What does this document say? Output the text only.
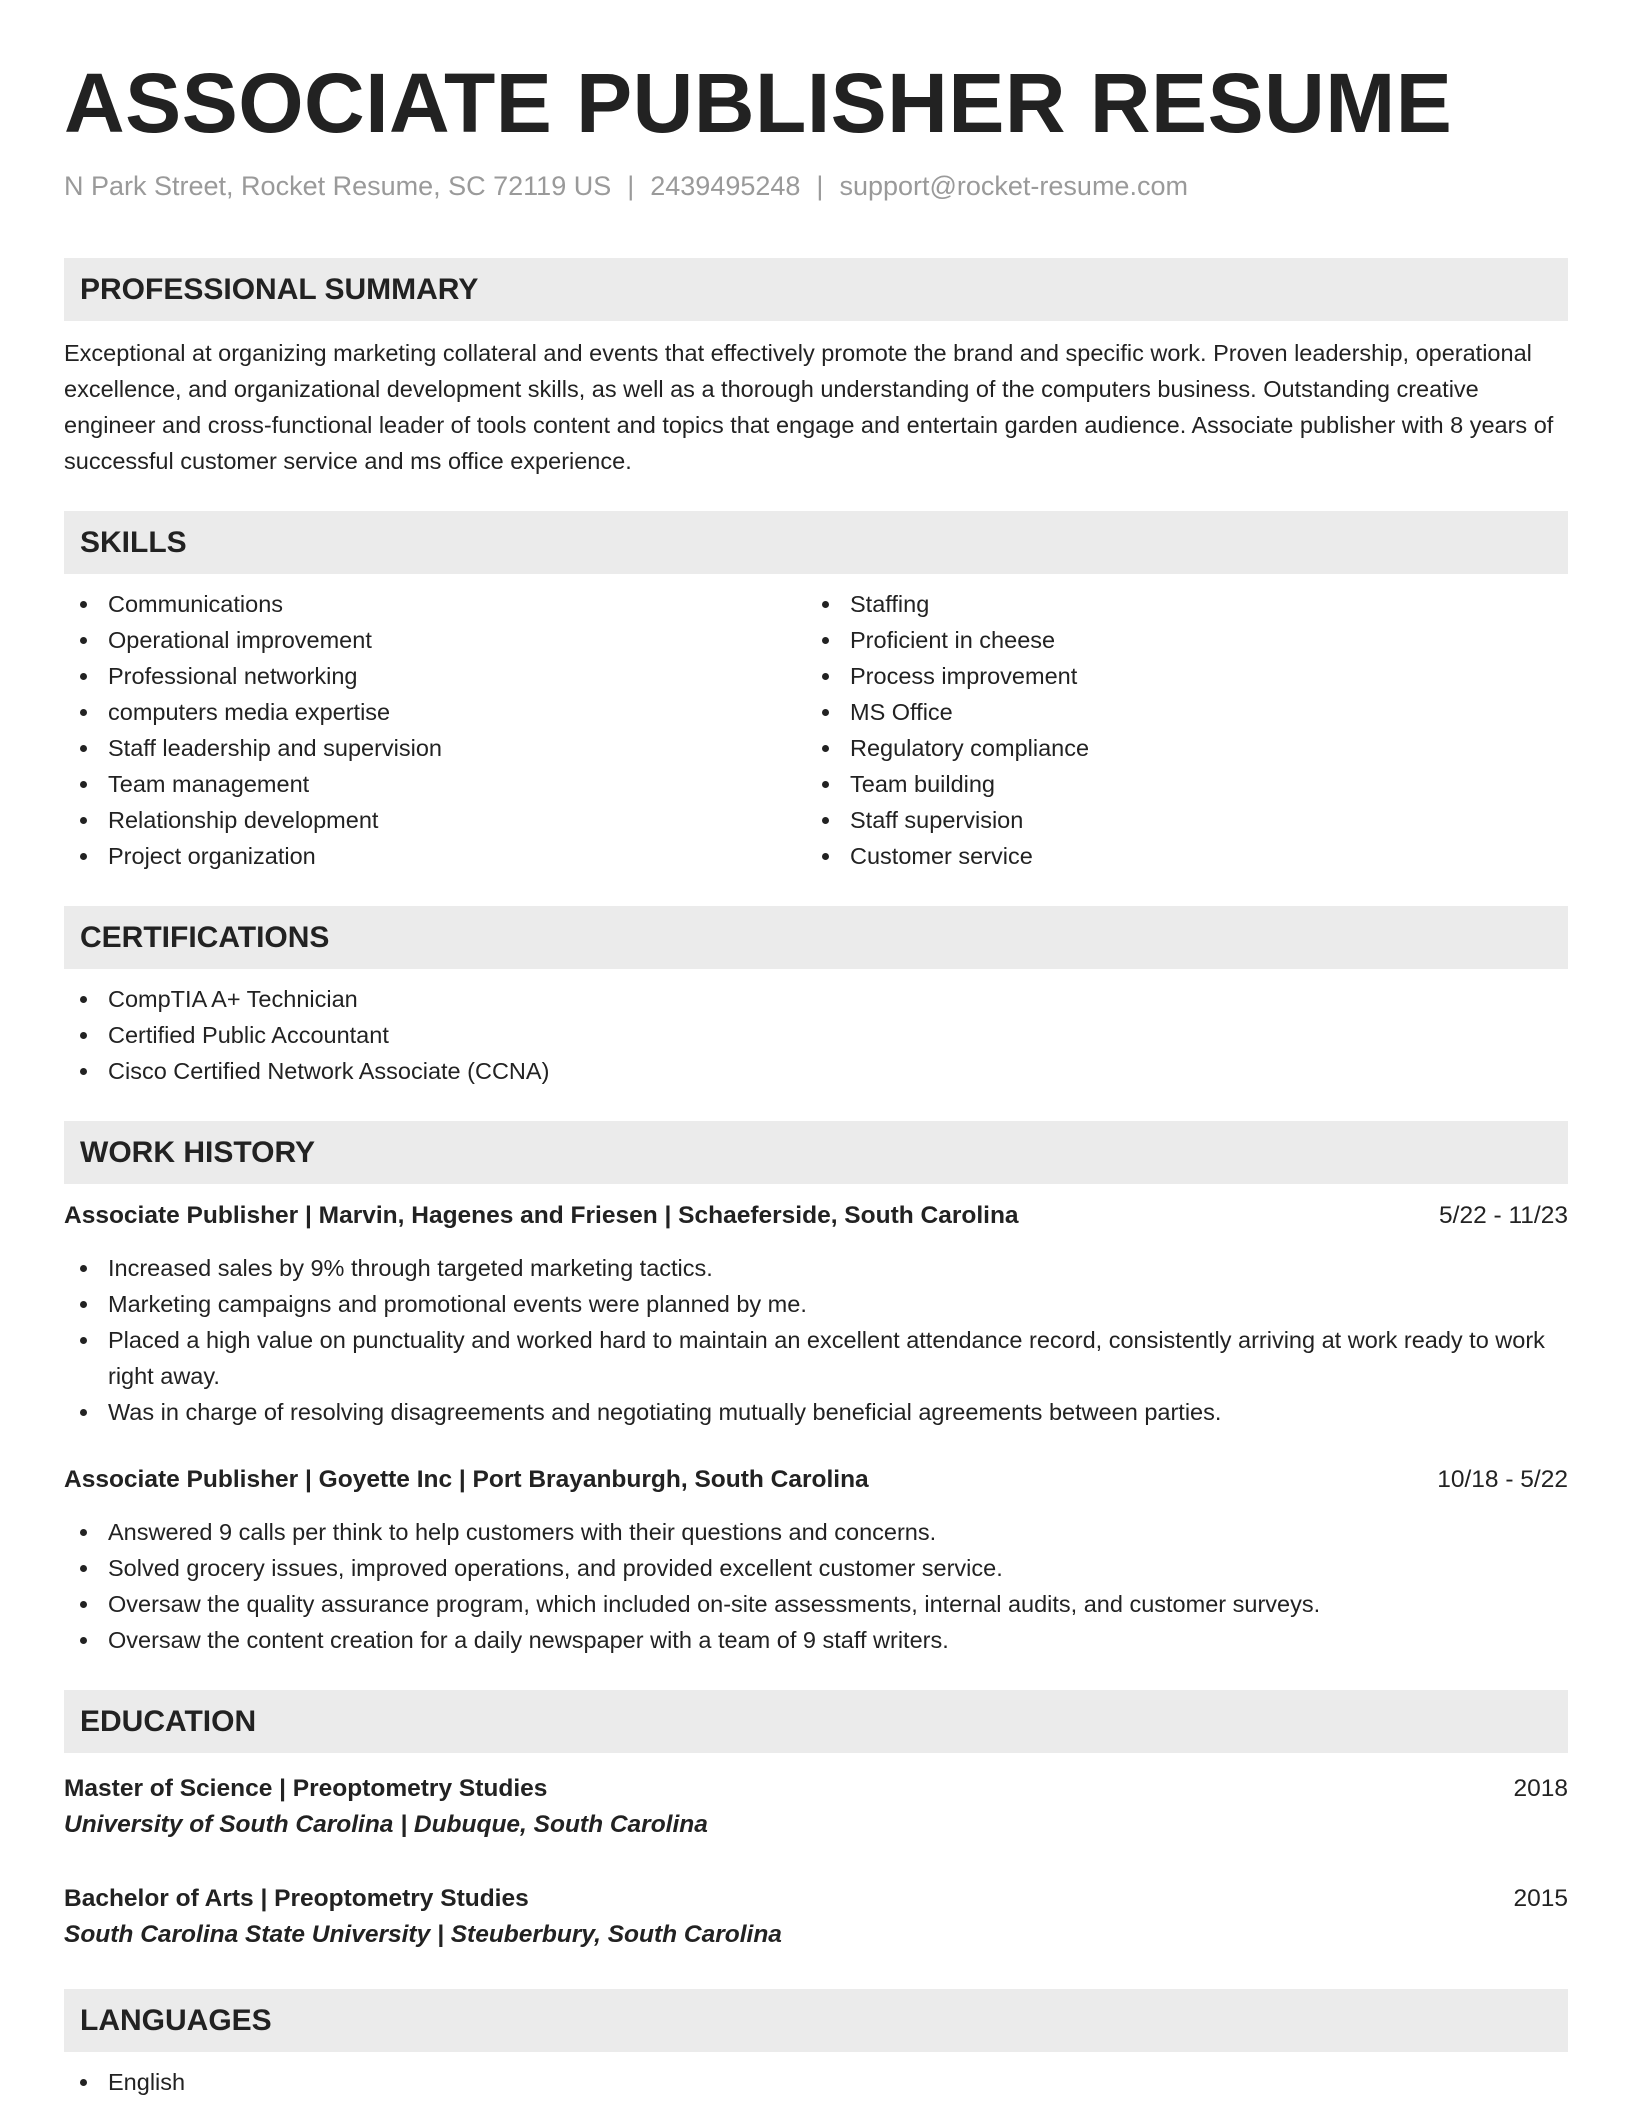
ASSOCIATE PUBLISHER RESUME
N Park Street, Rocket Resume, SC 72119 US | 2439495248 | support@rocket-resume.com
PROFESSIONAL SUMMARY

Exceptional at organizing marketing collateral and events that effectively promote the brand and specific work. Proven leadership, operational excellence, and organizational development skills, as well as a thorough understanding of the computers business. Outstanding creative engineer and cross-functional leader of tools content and topics that engage and entertain garden audience. Associate publisher with 8 years of successful customer service and ms office experience.

SKILLS
Communications
Operational improvement
Professional networking
computers media expertise
Staff leadership and supervision
Team management
Relationship development
Project organization
Staffing
Proficient in cheese
Process improvement
MS Office
Regulatory compliance
Team building
Staff supervision
Customer service
CERTIFICATIONS
CompTIA A+ Technician
Certified Public Accountant
Cisco Certified Network Associate (CCNA)
WORK HISTORY
Associate Publisher | Marvin, Hagenes and Friesen | Schaeferside, South Carolina	5/22 - 11/23
Increased sales by 9% through targeted marketing tactics.
Marketing campaigns and promotional events were planned by me.
Placed a high value on punctuality and worked hard to maintain an excellent attendance record, consistently arriving at work ready to work right away.
Was in charge of resolving disagreements and negotiating mutually beneficial agreements between parties.
Associate Publisher | Goyette Inc | Port Brayanburgh, South Carolina	10/18 - 5/22
Answered 9 calls per think to help customers with their questions and concerns.
Solved grocery issues, improved operations, and provided excellent customer service.
Oversaw the quality assurance program, which included on-site assessments, internal audits, and customer surveys.
Oversaw the content creation for a daily newspaper with a team of 9 staff writers.
EDUCATION
Master of Science | Preoptometry Studies	2018
University of South Carolina | Dubuque, South Carolina
Bachelor of Arts | Preoptometry Studies	2015
South Carolina State University | Steuberbury, South Carolina
LANGUAGES
English
